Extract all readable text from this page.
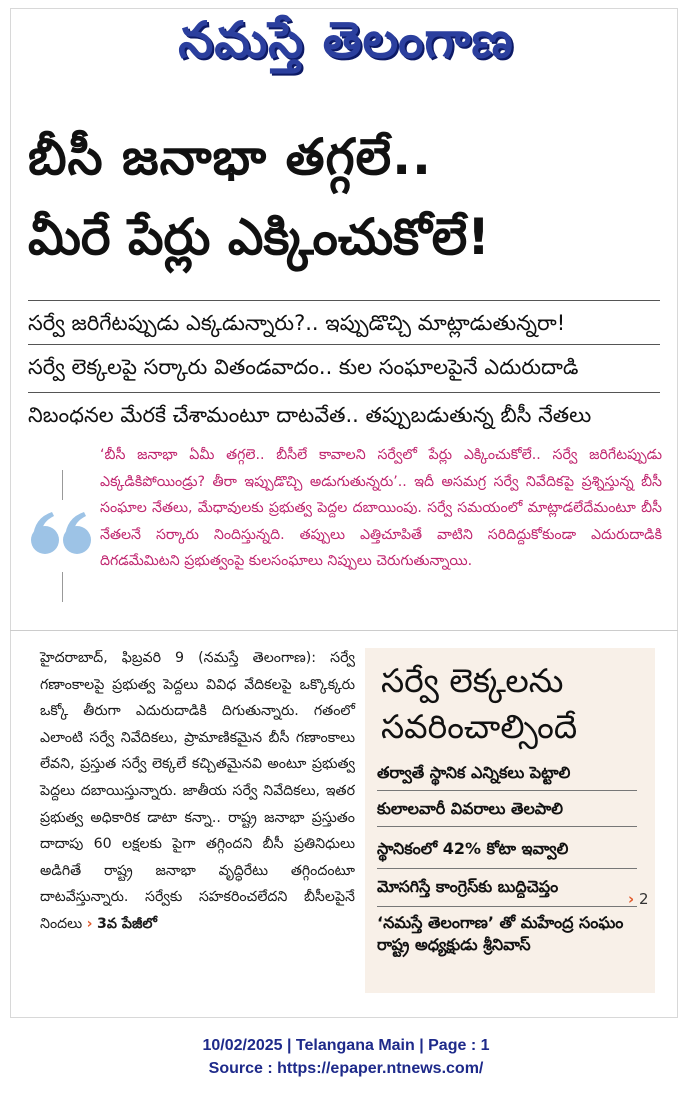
నమస్తే తెలంగాణ
బీసీ జనాభా తగ్గలే..
మీరే పేర్లు ఎక్కించుకోలే!
సర్వే జరిగేటప్పుడు ఎక్కడున్నారు?.. ఇప్పుడొచ్చి మాట్లాడుతున్నరా!
సర్వే లెక్కలపై సర్కారు వితండవాదం.. కుల సంఘాలపైనే ఎదురుదాడి
నిబంధనల మేరకే చేశామంటూ దాటవేత.. తప్పుబడుతున్న బీసీ నేతలు
‘బీసీ జనాభా ఏమీ తగ్గలె.. బీసీలే కావాలని సర్వేలో పేర్లు ఎక్కించుకోలే.. సర్వే జరిగేటప్పుడు ఎక్కడికిపోయిండ్రు? తీరా ఇప్పుడొచ్చి అడుగుతున్నరు’.. ఇదీ అసమగ్ర సర్వే నివేదికపై ప్రశ్నిస్తున్న బీసీ సంఘాల నేతలు, మేధావులకు ప్రభుత్వ పెద్దల దబాయింపు. సర్వే సమయంలో మాట్లాడలేదేమంటూ బీసీ నేతలనే సర్కారు నిందిస్తున్నది. తప్పులు ఎత్తిచూపితే వాటిని సరిదిద్దుకోకుండా ఎదురుదాడికి దిగడమేమిటని ప్రభుత్వంపై కులసంఘాలు నిప్పులు చెరుగుతున్నాయి.
హైదరాబాద్, ఫిబ్రవరి 9 (నమస్తే తెలంగాణ): సర్వే గణాంకాలపై ప్రభుత్వ పెద్దలు వివిధ వేదికలపై ఒక్కొక్కరు ఒక్కో తీరుగా ఎదురుదాడికి దిగుతున్నారు. గతంలో ఎలాంటి సర్వే నివేదికలు, ప్రామాణికమైన బీసీ గణాంకాలు లేవని, ప్రస్తుత సర్వే లెక్కలే కచ్చితమైనవి అంటూ ప్రభుత్వ పెద్దలు దబాయిస్తున్నారు. జాతీయ సర్వే నివేదికలు, ఇతర ప్రభుత్వ అధికారిక డాటా కన్నా.. రాష్ట్ర జనాభా ప్రస్తుతం దాదాపు 60 లక్షలకు పైగా తగ్గిందని బీసీ ప్రతినిధులు అడిగితే రాష్ట్ర జనాభా వృద్ధిరేటు తగ్గిందంటూ దాటవేస్తున్నారు. సర్వేకు సహకరించలేదని బీసీలపైనే నిందలు › 3వ పేజీలో
సర్వే లెక్కలను
సవరించాల్సిందే
తర్వాతే స్థానిక ఎన్నికలు పెట్టాలి
కులాలవారీ వివరాలు తెలపాలి
స్థానికంలో 42% కోటా ఇవ్వాలి
మోసగిస్తే కాంగ్రెస్‌కు బుద్ధిచెప్తం
‘నమస్తే తెలంగాణ’ తో మహేంద్ర సంఘం రాష్ట్ర అధ్యక్షుడు శ్రీనివాస్
› 2
10/02/2025 | Telangana Main | Page : 1
Source : https://epaper.ntnews.com/
